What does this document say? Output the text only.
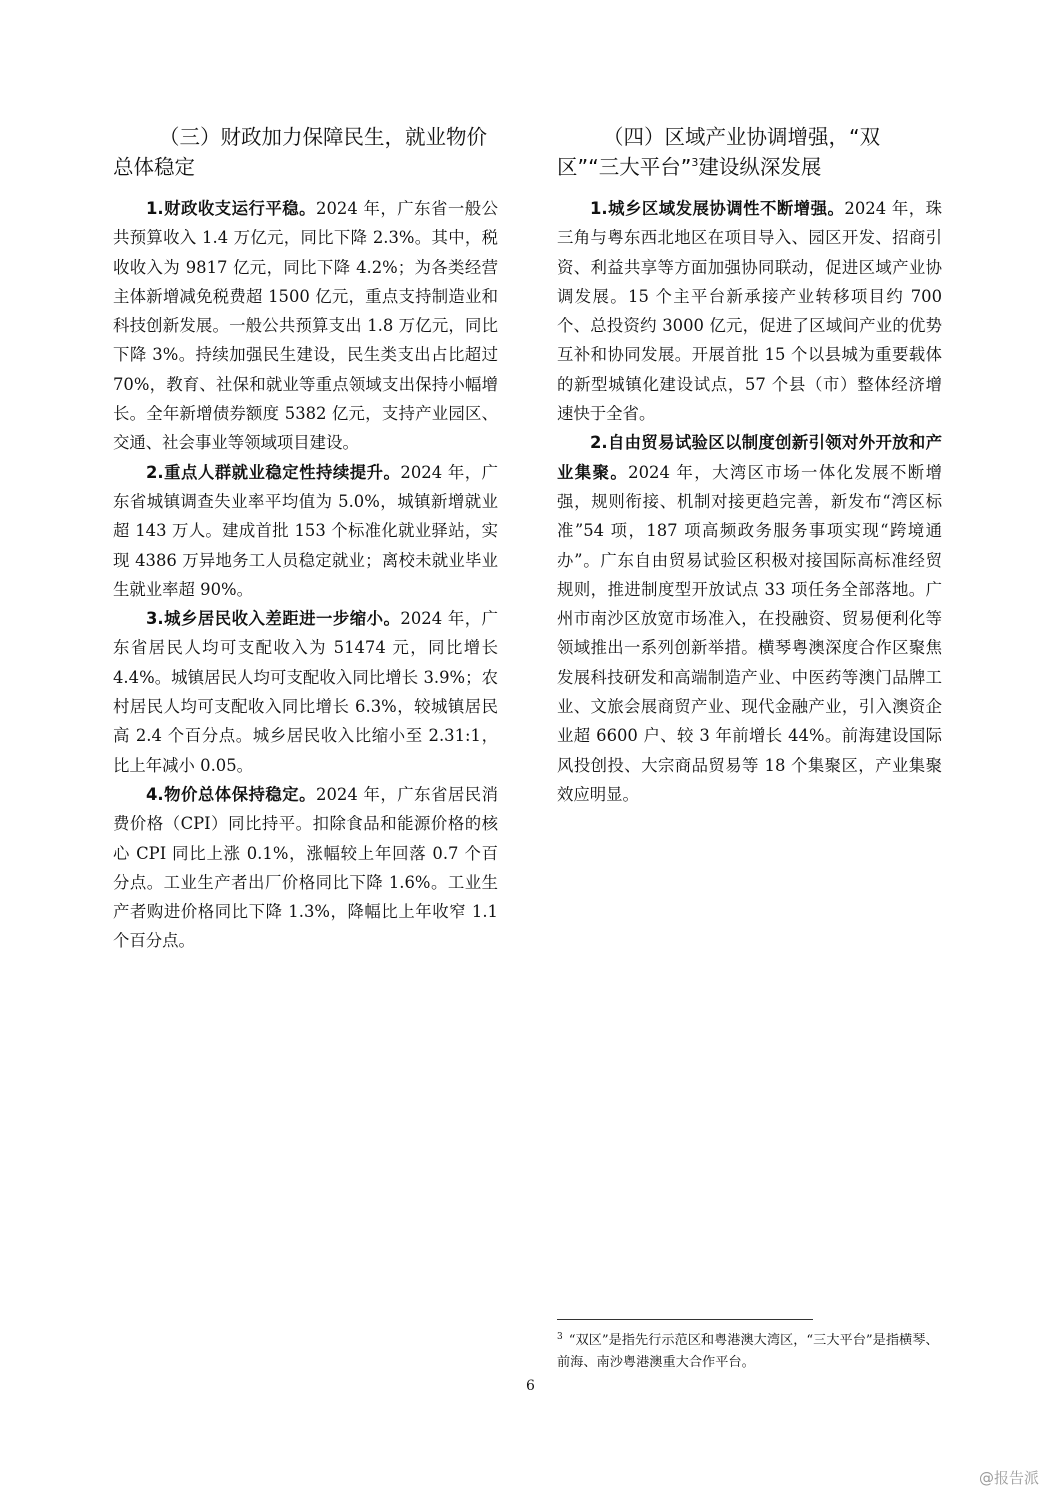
（三）财政加力保障民生，就业物价总体稳定

1.财政收支运行平稳。2024 年，广东省一般公共预算收入 1.4 万亿元，同比下降 2.3%。其中，税收收入为 9817 亿元，同比下降 4.2%；为各类经营主体新增减免税费超 1500 亿元，重点支持制造业和科技创新发展。一般公共预算支出 1.8 万亿元，同比下降 3%。持续加强民生建设，民生类支出占比超过 70%，教育、社保和就业等重点领域支出保持小幅增长。全年新增债券额度 5382 亿元，支持产业园区、交通、社会事业等领域项目建设。

2.重点人群就业稳定性持续提升。2024 年，广东省城镇调查失业率平均值为 5.0%，城镇新增就业超 143 万人。建成首批 153 个标准化就业驿站，实现 4386 万异地务工人员稳定就业；离校未就业毕业生就业率超 90%。

3.城乡居民收入差距进一步缩小。2024 年，广东省居民人均可支配收入为 51474 元，同比增长 4.4%。城镇居民人均可支配收入同比增长 3.9%；农村居民人均可支配收入同比增长 6.3%，较城镇居民高 2.4 个百分点。城乡居民收入比缩小至 2.31:1，比上年减小 0.05。

4.物价总体保持稳定。2024 年，广东省居民消费价格（CPI）同比持平。扣除食品和能源价格的核心 CPI 同比上涨 0.1%，涨幅较上年回落 0.7 个百分点。工业生产者出厂价格同比下降 1.6%。工业生产者购进价格同比下降 1.3%，降幅比上年收窄 1.1 个百分点。

（四）区域产业协调增强，“双区”“三大平台”$^3$建设纵深发展

1.城乡区域发展协调性不断增强。2024 年，珠三角与粤东西北地区在项目导入、园区开发、招商引资、利益共享等方面加强协同联动，促进区域产业协调发展。15 个主平台新承接产业转移项目约 700 个、总投资约 3000 亿元，促进了区域间产业的优势互补和协同发展。开展首批 15 个以县城为重要载体的新型城镇化建设试点，57 个县（市）整体经济增速快于全省。

2.自由贸易试验区以制度创新引领对外开放和产业集聚。2024 年，大湾区市场一体化发展不断增强，规则衔接、机制对接更趋完善，新发布“湾区标准”54 项，187 项高频政务服务事项实现“跨境通办”。广东自由贸易试验区积极对接国际高标准经贸规则，推进制度型开放试点 33 项任务全部落地。广州市南沙区放宽市场准入，在投融资、贸易便利化等领域推出一系列创新举措。横琴粤澳深度合作区聚焦发展科技研发和高端制造产业、中医药等澳门品牌工业、文旅会展商贸产业、现代金融产业，引入澳资企业超 6600 户、较 3 年前增长 44%。前海建设国际风投创投、大宗商品贸易等 18 个集聚区，产业集聚效应明显。

$^3$ “双区”是指先行示范区和粤港澳大湾区，“三大平台”是指横琴、前海、南沙粤港澳重大合作平台。

6
@报告派
